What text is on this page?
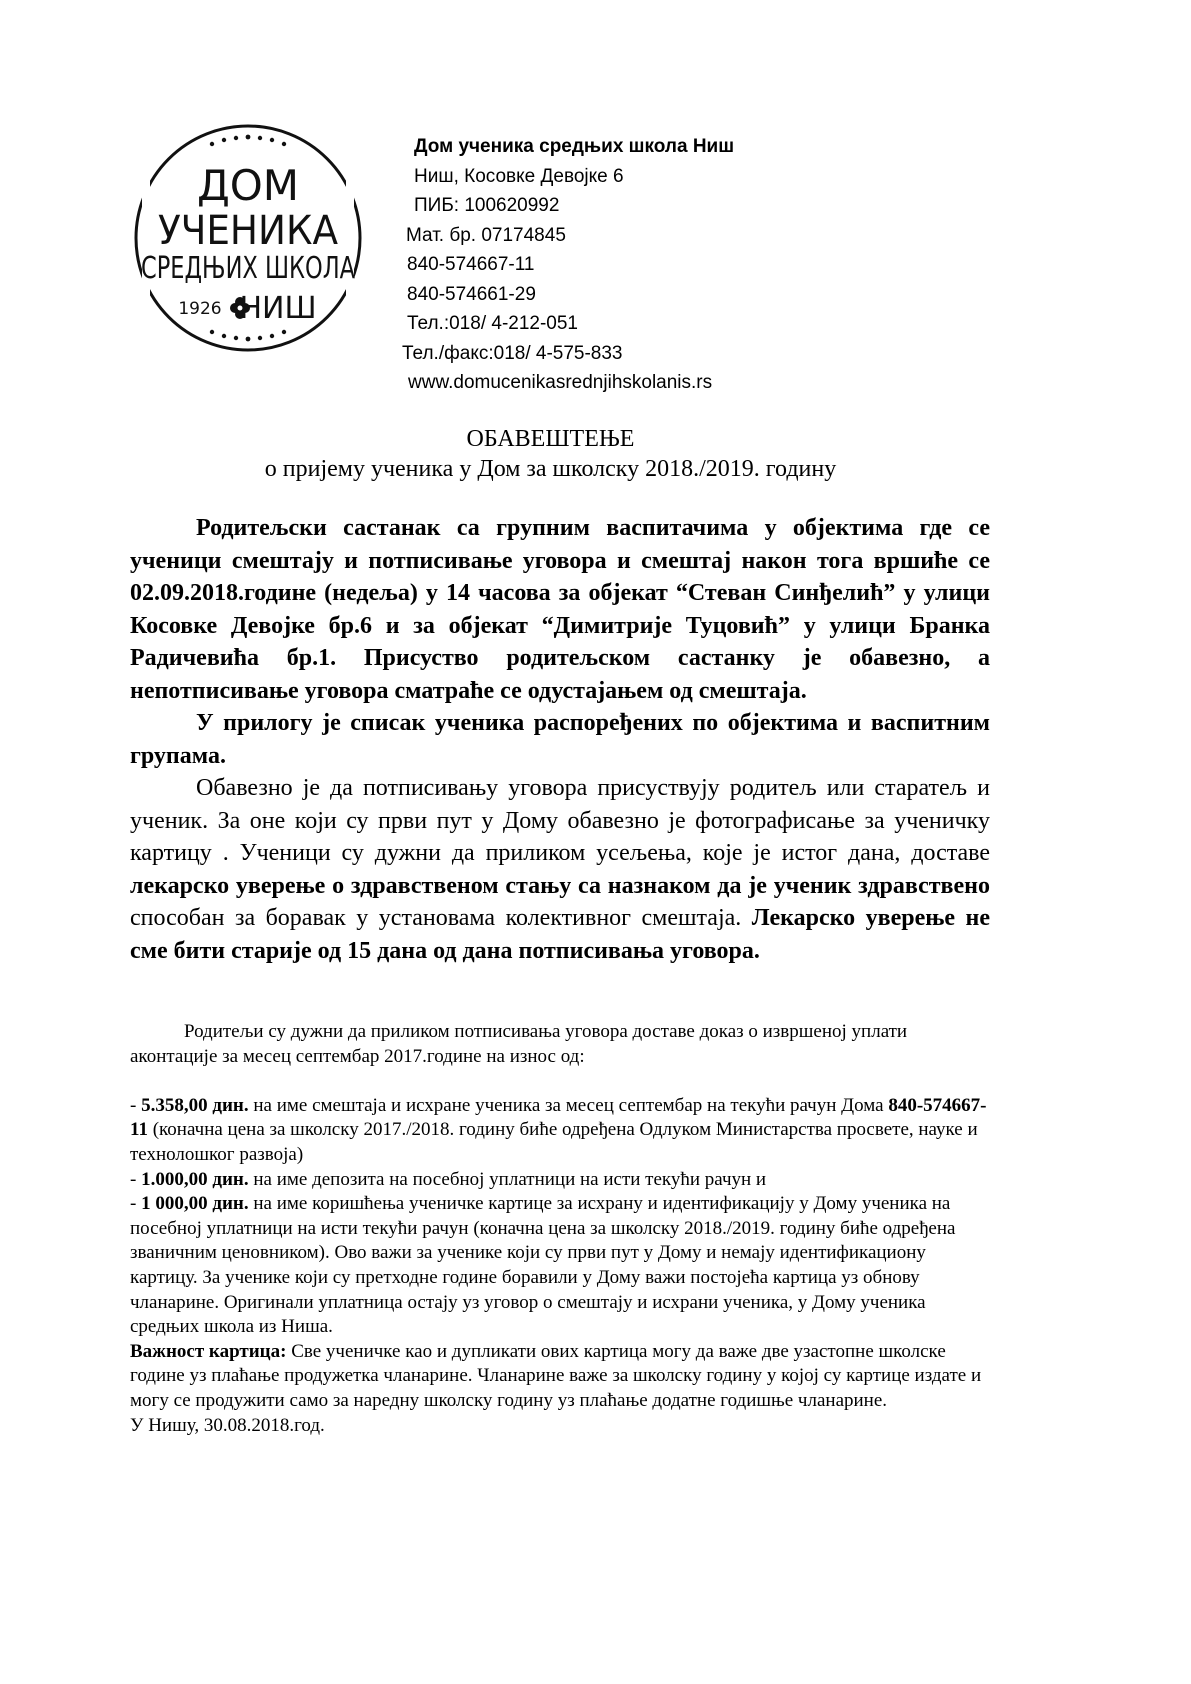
ДОМ
УЧЕНИКА
СРЕДЊИХ ШКОЛА
1926 НИШ
Дом ученика средњих школа Ниш
Ниш, Косовке Девојке 6
ПИБ: 100620992
Мат. бр. 07174845
840-574667-11
840-574661-29
Тел.:018/ 4-212-051
Тел./факс:018/ 4-575-833
www.domucenikasrednjihskolanis.rs
ОБАВЕШТЕЊЕ
о пријему ученика у Дом за школску 2018./2019. годину
Родитељски састанак са групним васпитачима у објектима где се ученици смештају и потписивање уговора и смештај након тога вршиће се 02.09.2018.године (недеља) у 14 часова за објекат “Стеван Синђелић” у улици Косовке Девојке бр.6 и за објекат “Димитрије Туцовић” у улици Бранка Радичевића бр.1. Присуство родитељском састанку је обавезно, а непотписивање уговора сматраће се одустајањем од смештаја.
У прилогу је списак ученика распоређених по објектима и васпитним групама.
Обавезно је да потписивању уговора присуствују родитељ или старатељ и ученик. За оне који су први пут у Дому обавезно је фотографисање за ученичку картицу . Ученици су дужни да приликом усељења, које је истог дана, доставе лекарско уверење о здравственом стању са назнаком да је ученик здравствено способан за боравак у установама колективног смештаја. Лекарско уверење не сме бити старије од 15 дана од дана потписивања уговора.

Родитељи су дужни да приликом потписивања уговора доставе доказ о извршеној уплати аконтације за месец септембар 2017.године на износ од:

- 5.358,00 дин. на име смештаја и исхране ученика за месец септембар на текући рачун Дома 840-574667-11 (коначна цена за школску 2017./2018. годину биће одређена Одлуком Министарства просвете, науке и технолошког развоја)

- 1.000,00 дин. на име депозита на посебној уплатници на исти текући рачун и

- 1 000,00 дин. на име коришћења ученичке картице за исхрану и идентификацију у Дому ученика на посебној уплатници на исти текући рачун (коначна цена за школску 2018./2019. годину биће одређена званичним ценовником). Ово важи за ученике који су први пут у Дому и немају идентификациону картицу. За ученике који су претходне године боравили у Дому важи постојећа картица уз обнову чланарине. Оригинали уплатница остају уз уговор о смештају и исхрани ученика, у Дому ученика средњих школа из Ниша.

Важност картица: Све ученичке као и дупликати ових картица могу да важе две узастопне школске године уз плаћање продужетка чланарине. Чланарине важе за школску годину у којој су картице издате и могу се продужити само за наредну школску годину уз плаћање додатне годишње чланарине.

У Нишу, 30.08.2018.год.
